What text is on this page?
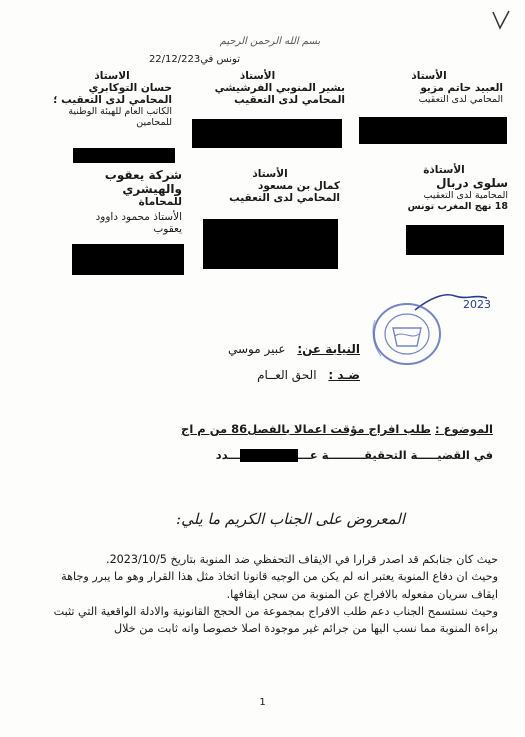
بسم الله الرحمن الرحيم
تونس في22/12/223
الأستاذ
العبيد حاتم مزيو
المحامي لدى التعقيب
الأستاذ
بشير المنوبي الفرشيشي
المحامي لدى التعقيب
الاستاذ
حسان التوكابري
المحامي لدى التعقيب ؛
الكاتب العام للهيئة الوطنية
للمحامين
الأستاذة
سلوى دربال
المحامية لدى التعقيب
18 نهج المغرب تونس
الأستاذ
كمال بن مسعود
المحامي لدى التعقيب
شركة يعقوب والهيشري
للمحاماة
الأستاذ محمود داوود
يعقوب
2023
النيابة عن: عبير موسي
ضـد : الحق العــام
الموضوع : طلب افراج مؤقت اعمالا بالفصل86 من م اج
في القضيـــــة التحقيقـــــــــة عــــــدد
المعروض على الجناب الكريم ما يلي:
حيث كان جنابكم قد اصدر قرارا في الايقاف التحفظي ضد المنوبة بتاريخ 2023/10/5.
وحيث ان دفاع المنوبة يعتبر انه لم يكن من الوجيه قانونا اتخاذ مثل هذا القرار وهو ما يبرر وجاهة ايقاف سريان مفعوله بالافراج عن المنوبة من سجن ايقافها.
وحيث نستسمح الجناب دعم طلب الافراج بمجموعة من الحجج القانونية والادلة الواقعية التي تثبت براءة المنوبة مما نسب اليها من جرائم غير موجودة اصلا خصوصا وانه ثابت من خلال
1
